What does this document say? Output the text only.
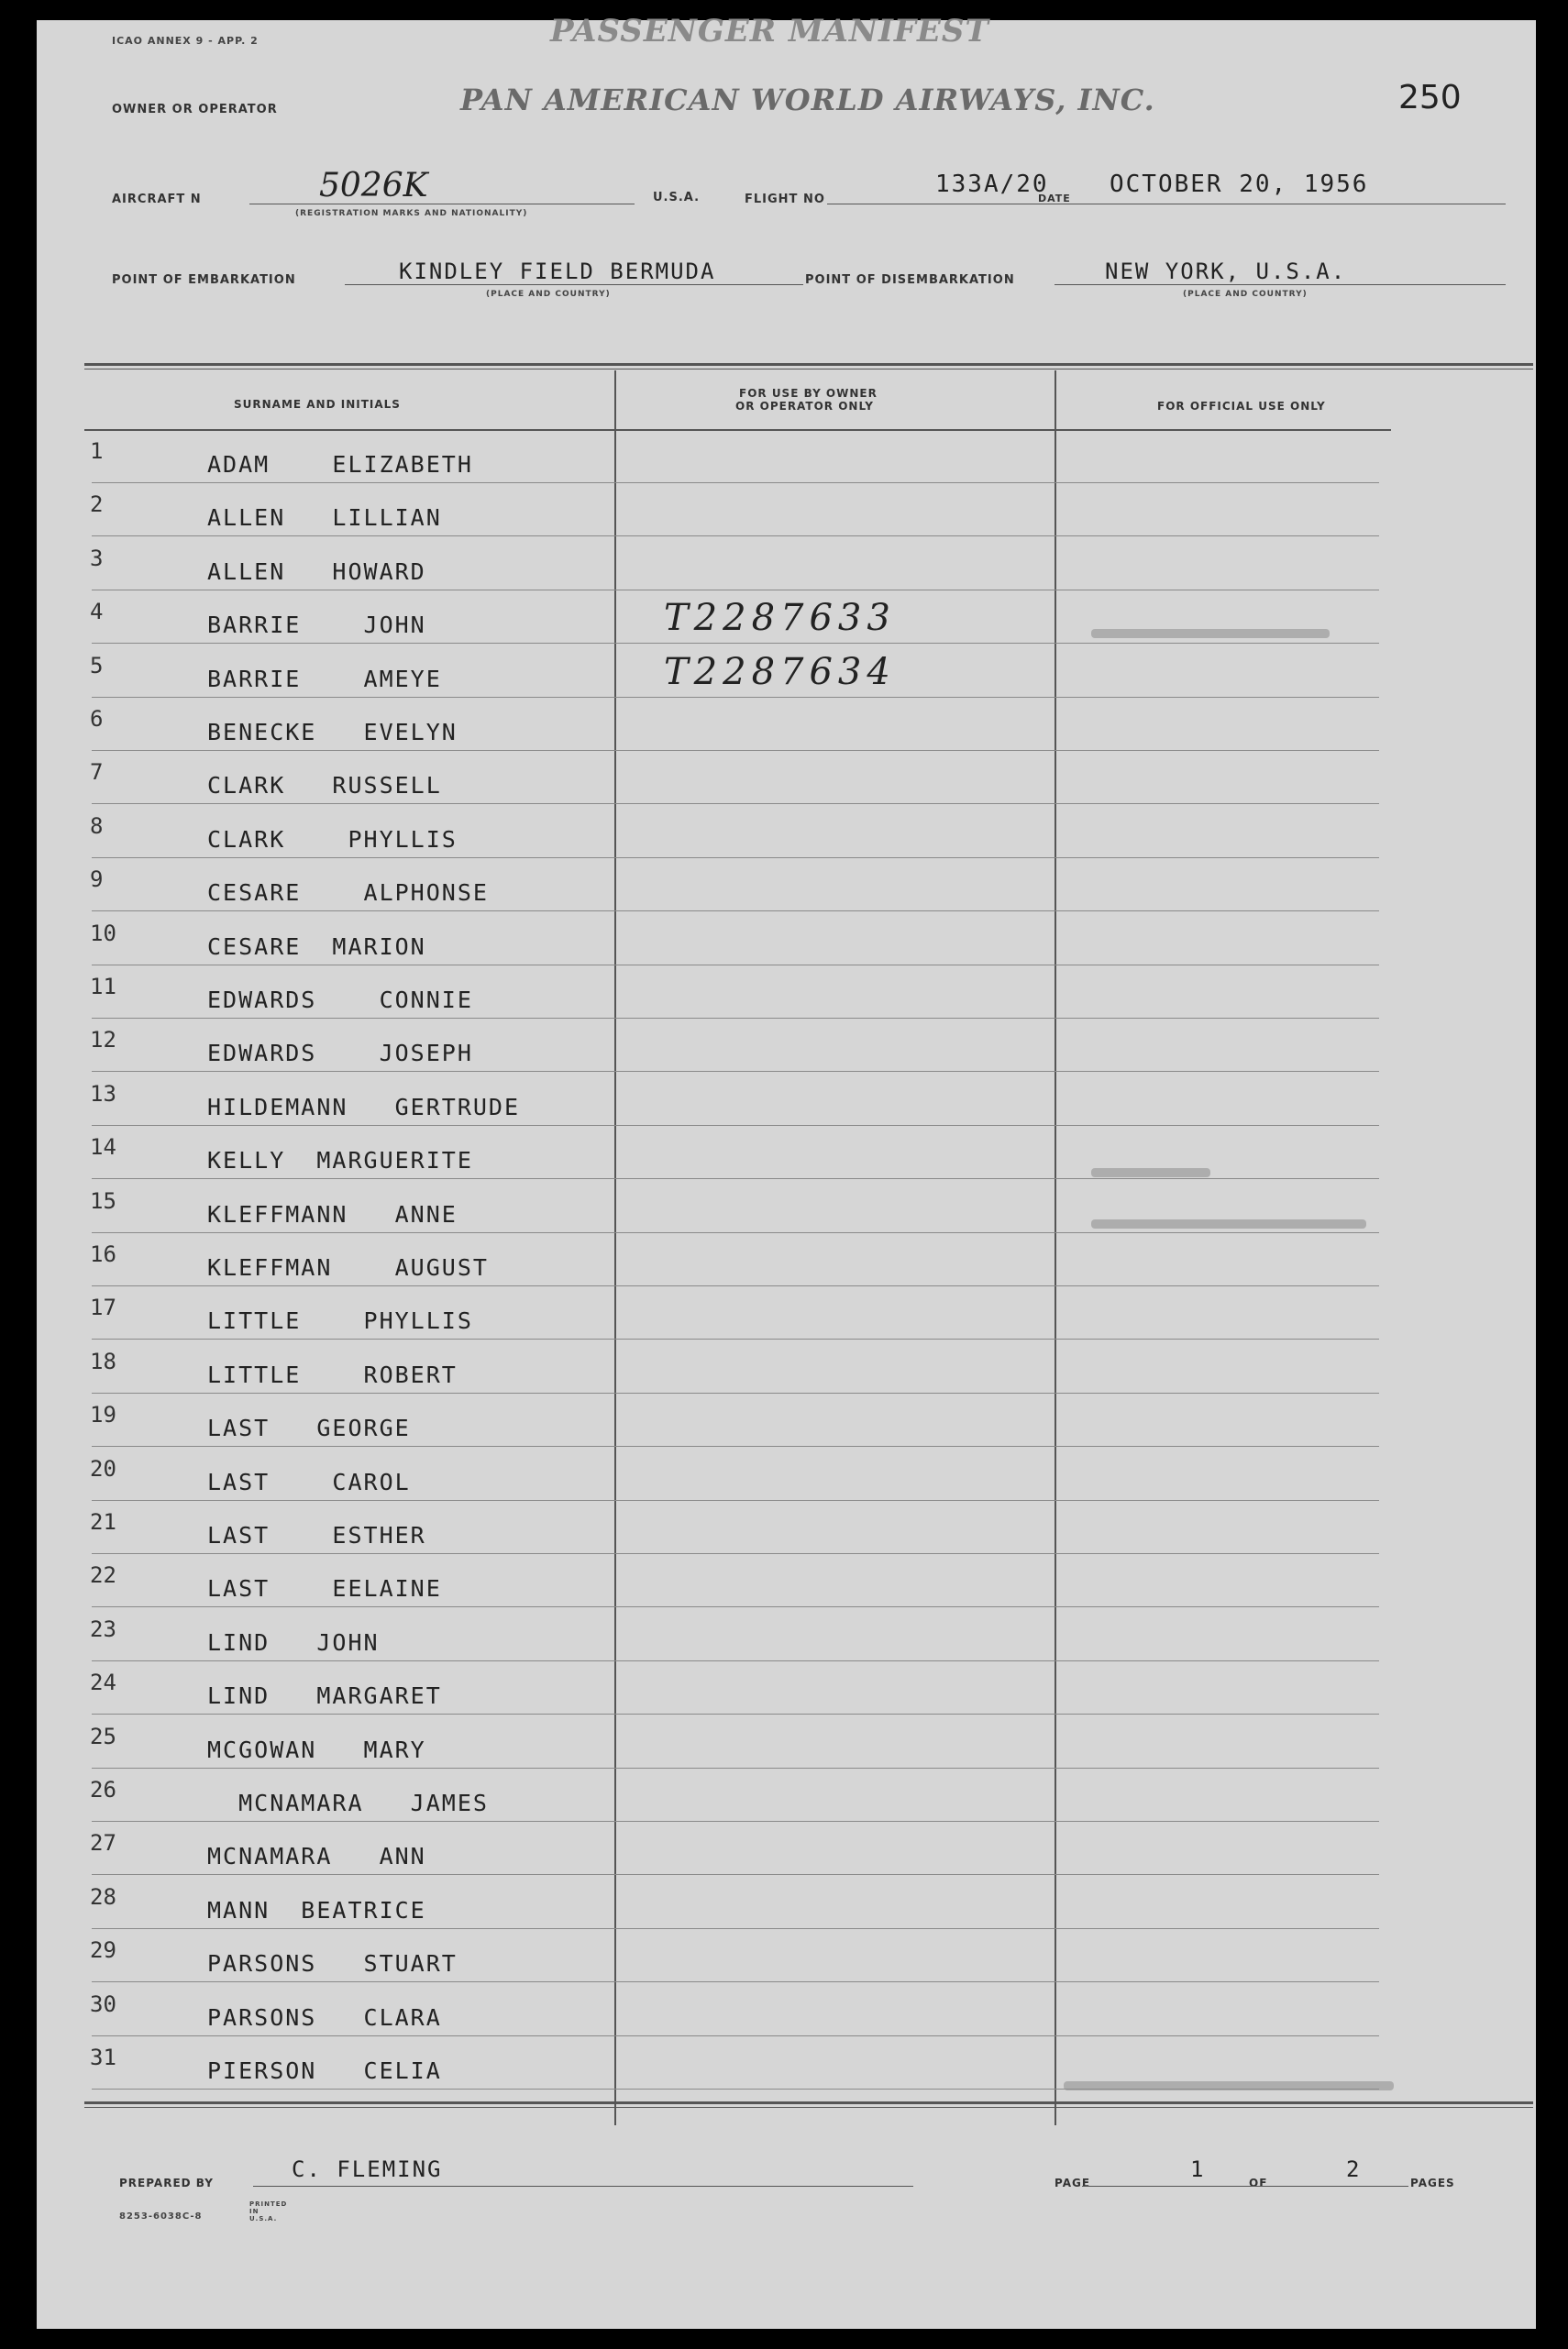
ICAO ANNEX 9 - APP. 2	PASSENGER MANIFEST
OWNER OR OPERATOR	PAN AMERICAN WORLD AIRWAYS, INC.	250
AIRCRAFT N	5026K
(REGISTRATION MARKS AND NATIONALITY)
U.S.A.	FLIGHT NO
133A/20
DATE
OCTOBER 20, 1956
POINT OF EMBARKATION	KINDLEY FIELD BERMUDA
(PLACE AND COUNTRY)
POINT OF DISEMBARKATION	NEW YORK, U.S.A.
(PLACE AND COUNTRY)
SURNAME AND INITIALS
FOR USE BY OWNER
OR OPERATOR ONLY	FOR OFFICIAL USE ONLY
1	ADAM    ELIZABETH
2	ALLEN   LILLIAN
3	ALLEN   HOWARD
4	BARRIE    JOHN	T2287633
5	BARRIE    AMEYE	T2287634
6	BENECKE   EVELYN
7	CLARK   RUSSELL
8	CLARK    PHYLLIS
9	CESARE    ALPHONSE
10	CESARE  MARION
11	EDWARDS    CONNIE
12	EDWARDS    JOSEPH
13	HILDEMANN   GERTRUDE
14	KELLY  MARGUERITE
15	KLEFFMANN   ANNE
16	KLEFFMAN    AUGUST
17	LITTLE    PHYLLIS
18	LITTLE    ROBERT
19	LAST   GEORGE
20	LAST    CAROL
21	LAST    ESTHER
22	LAST    EELAINE
23	LIND   JOHN
24	LIND   MARGARET
25	MCGOWAN   MARY
26	MCNAMARA   JAMES
27	MCNAMARA   ANN
28	MANN  BEATRICE
29	PARSONS   STUART
30	PARSONS   CLARA
31	PIERSON   CELIA
PREPARED BY
C. FLEMING
PAGE
1
OF
2
PAGES
8253-6038C-8
PRINTED IN U.S.A.
